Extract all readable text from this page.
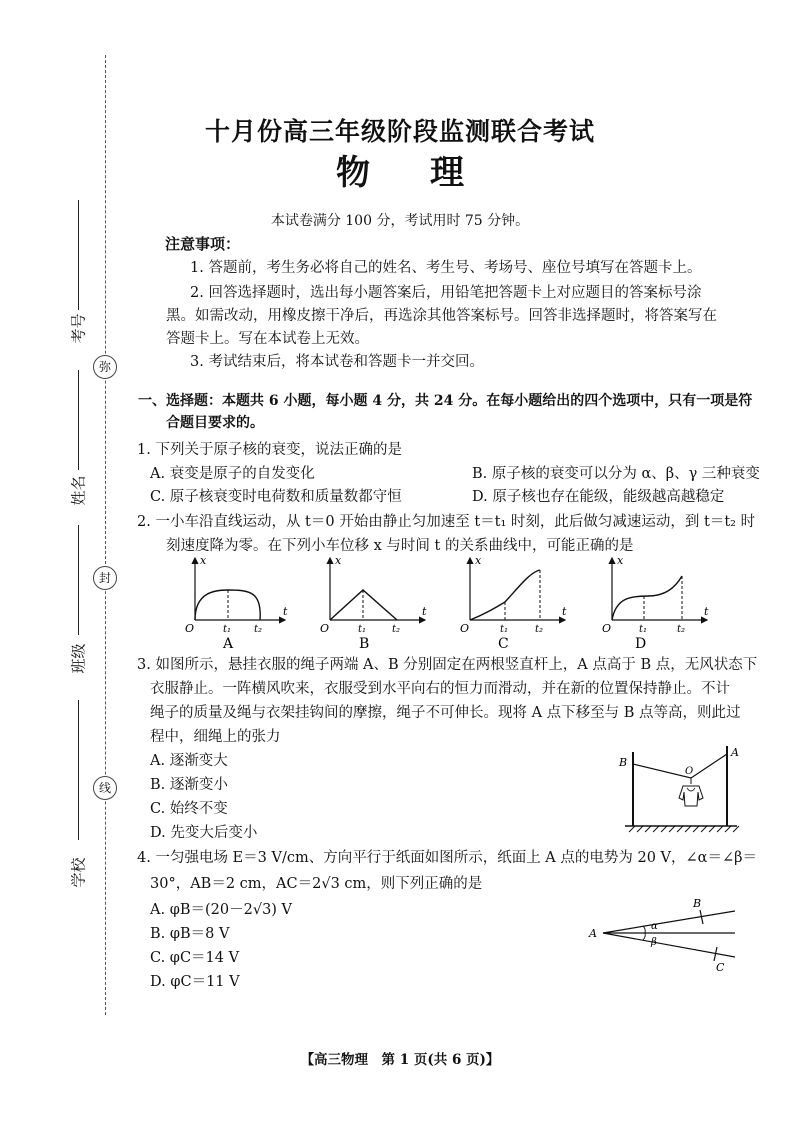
考号
姓名
班级
学校
弥
封
线
十月份高三年级阶段监测联合考试
物理
本试卷满分 100 分，考试用时 75 分钟。
注意事项：
1. 答题前，考生务必将自己的姓名、考生号、考场号、座位号填写在答题卡上。
2. 回答选择题时，选出每小题答案后，用铅笔把答题卡上对应题目的答案标号涂
黑。如需改动，用橡皮擦干净后，再选涂其他答案标号。回答非选择题时，将答案写在
答题卡上。写在本试卷上无效。
3. 考试结束后，将本试卷和答题卡一并交回。
一、选择题：本题共 6 小题，每小题 4 分，共 24 分。在每小题给出的四个选项中，只有一项是符
合题目要求的。
1. 下列关于原子核的衰变，说法正确的是
A. 衰变是原子的自发变化	B. 原子核的衰变可以分为 α、β、γ 三种衰变
C. 原子核衰变时电荷数和质量数都守恒	D. 原子核也存在能级，能级越高越稳定
2. 一小车沿直线运动，从 t＝0 开始由静止匀加速至 t＝t₁ 时刻，此后做匀减速运动，到 t＝t₂ 时
刻速度降为零。在下列小车位移 x 与时间 t 的关系曲线中，可能正确的是
x
t
O	t₁ t₂
A
x
t
O	t₁	t₂
B
x
t
O	t₁	t₂
C
x
t
O	t₁	t₂
D
3. 如图所示，悬挂衣服的绳子两端 A、B 分别固定在两根竖直杆上，A 点高于 B 点，无风状态下
衣服静止。一阵横风吹来，衣服受到水平向右的恒力而滑动，并在新的位置保持静止。不计
绳子的质量及绳与衣架挂钩间的摩擦，绳子不可伸长。现将 A 点下移至与 B 点等高，则此过
程中，细绳上的张力
A. 逐渐变大
B. 逐渐变小
C. 始终不变
D. 先变大后变小
A
B
O
4. 一匀强电场 E＝3 V/cm、方向平行于纸面如图所示，纸面上 A 点的电势为 20 V，∠α＝∠β＝
30°，AB＝2 cm，AC＝2√3 cm，则下列正确的是
A. φB＝(20－2√3) V
B. φB＝8 V
C. φC＝14 V
D. φC＝11 V
A
B
C
α
β
【高三物理　第 1 页(共 6 页)】
